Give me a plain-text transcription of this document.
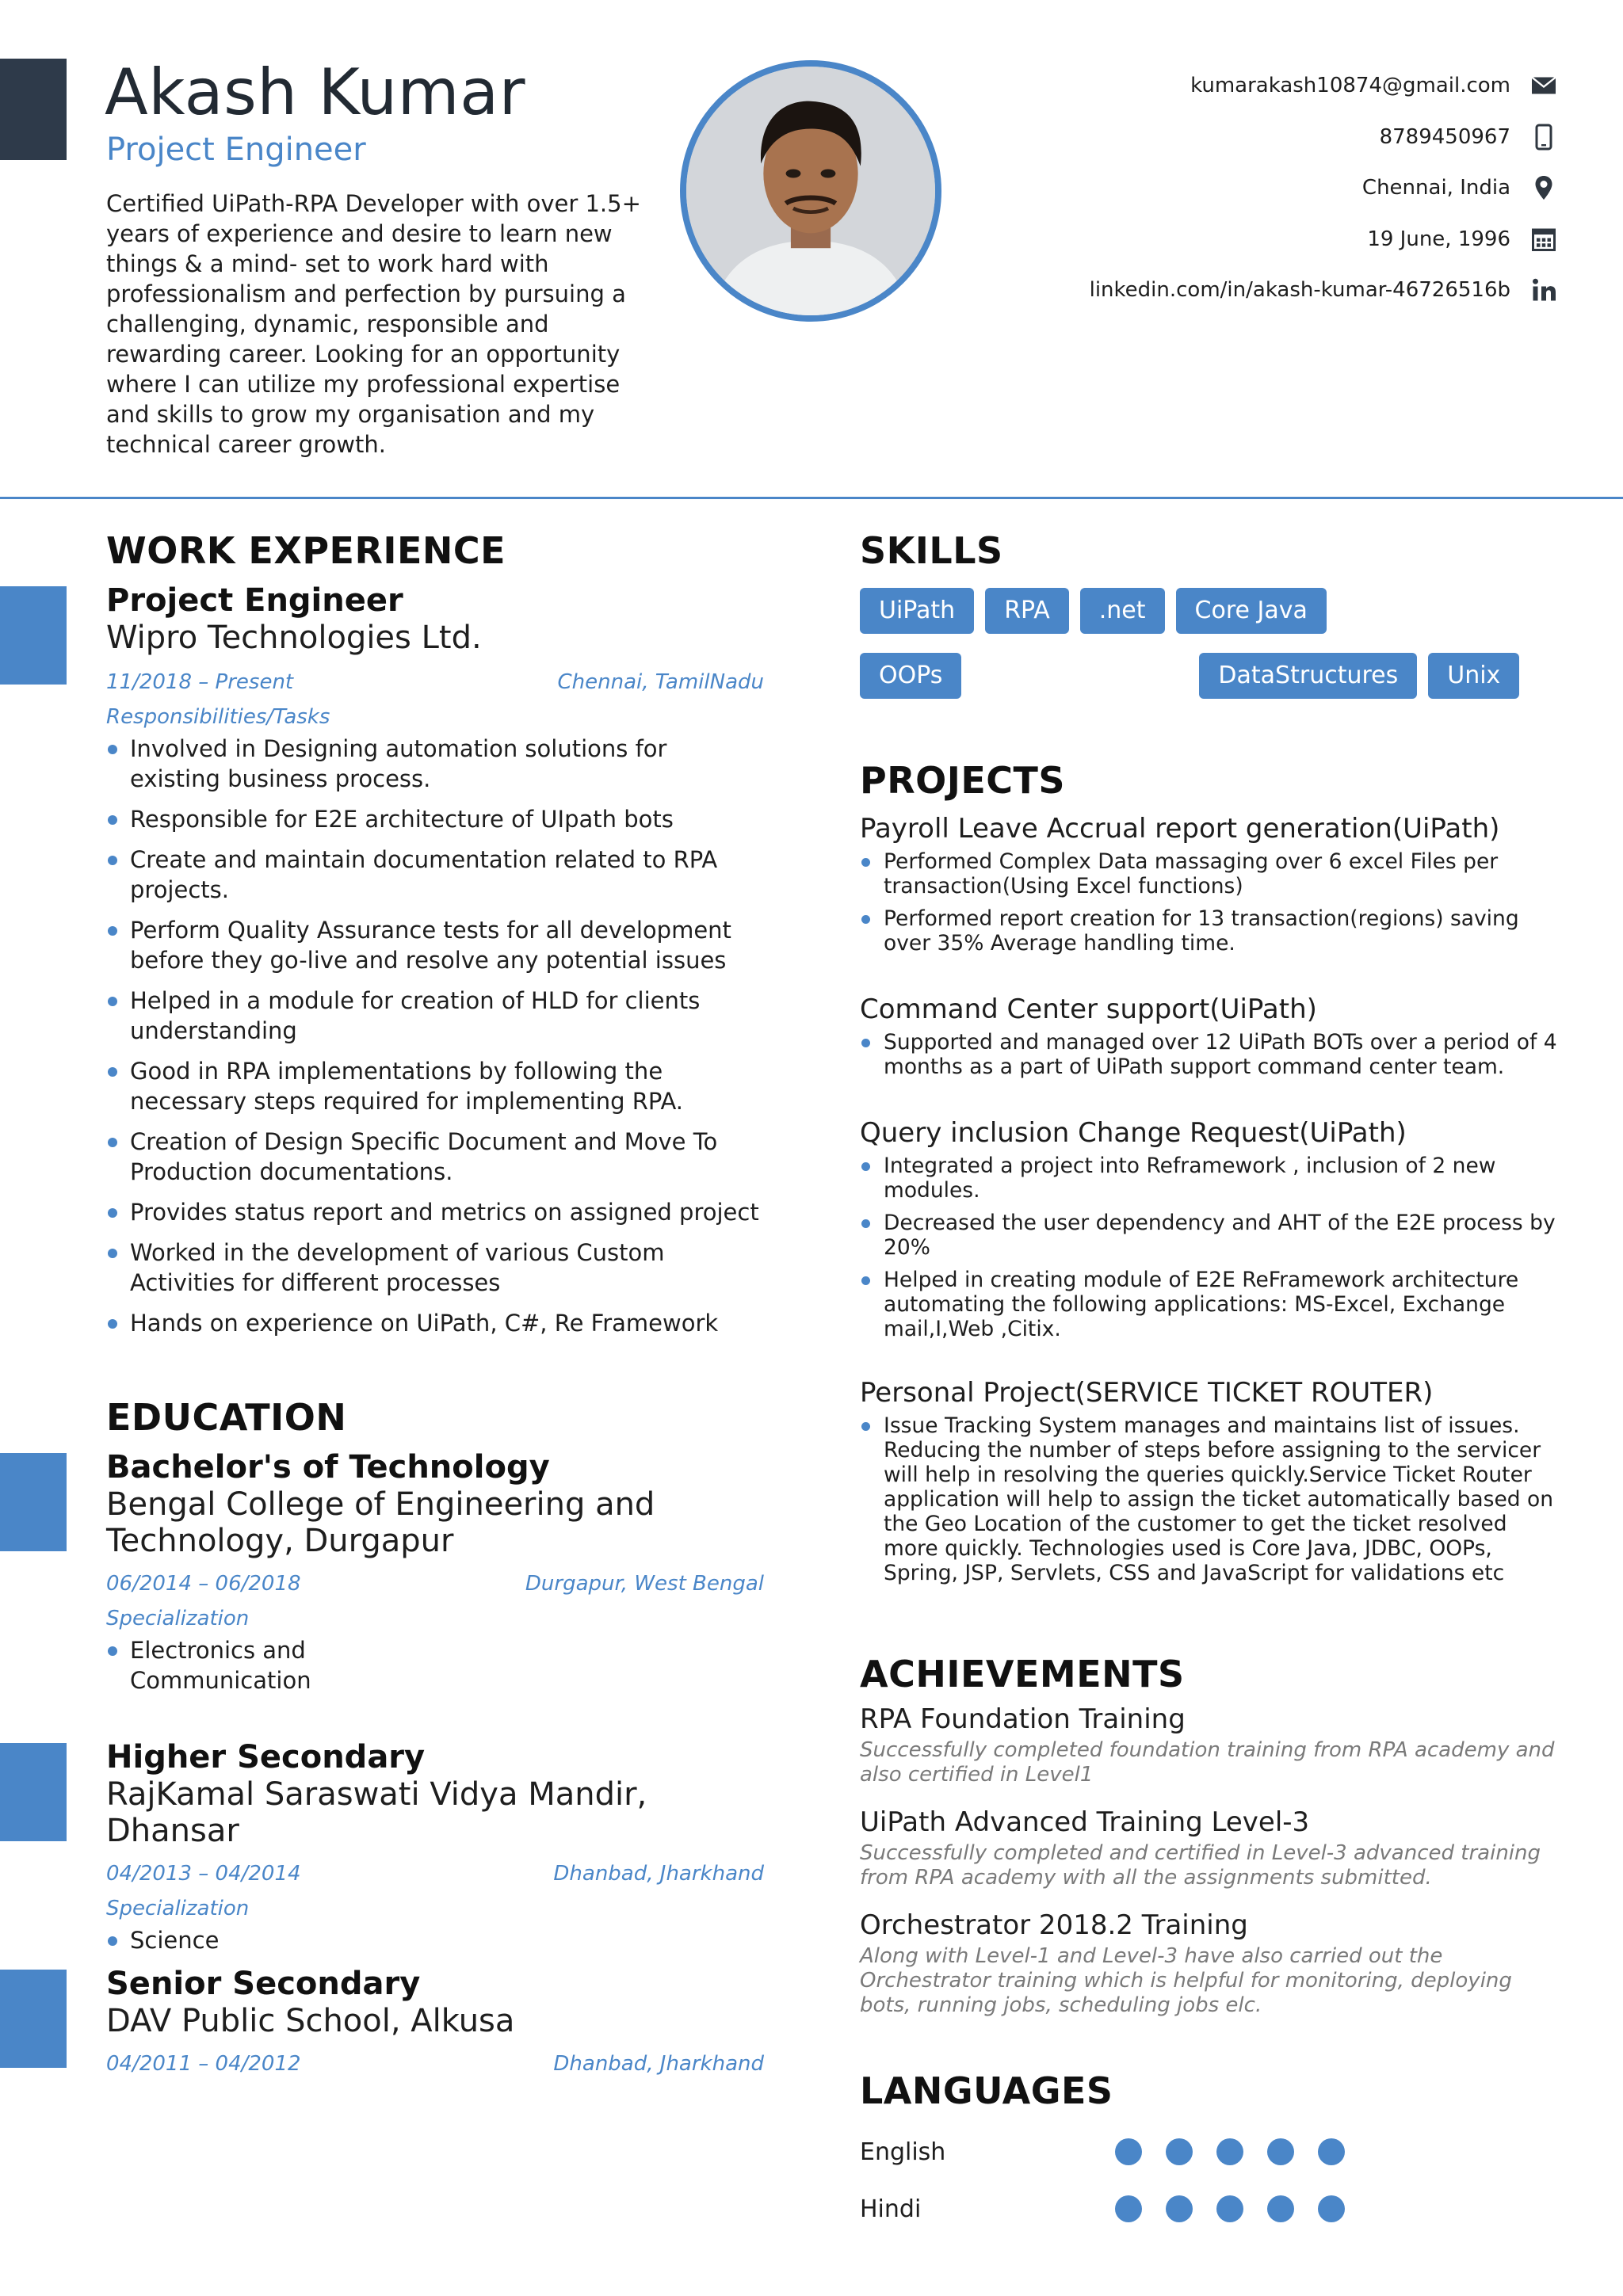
Akash Kumar
Project Engineer
Certified UiPath-RPA Developer with over 1.5+ years of experience and desire to learn new things & a mind- set to work hard with professionalism and perfection by pursuing a challenging, dynamic, responsible and rewarding career. Looking for an opportunity where I can utilize my professional expertise and skills to grow my organisation and my technical career growth.
kumarakash10874@gmail.com
8789450967
Chennai, India
19 June, 1996
linkedin.com/in/akash-kumar-46726516b
WORK EXPERIENCE
Project Engineer
Wipro Technologies Ltd.
11/2018 – Present	Chennai, TamilNadu
Responsibilities/Tasks
Involved in Designing automation solutions for existing business process.
Responsible for E2E architecture of UIpath bots
Create and maintain documentation related to RPA projects.
Perform Quality Assurance tests for all development before they go-live and resolve any potential issues
Helped in a module for creation of HLD for clients understanding
Good in RPA implementations by following the necessary steps required for implementing RPA.
Creation of Design Specific Document and Move To Production documentations.
Provides status report and metrics on assigned project
Worked in the development of various Custom Activities for different processes
Hands on experience on UiPath, C#, Re Framework
EDUCATION
Bachelor's of Technology
Bengal College of Engineering and Technology, Durgapur
06/2014 – 06/2018	Durgapur, West Bengal
Specialization
Electronics and Communication
Higher Secondary
RajKamal Saraswati Vidya Mandir, Dhansar
04/2013 – 04/2014	Dhanbad, Jharkhand
Specialization
Science
Senior Secondary
DAV Public School, Alkusa
04/2011 – 04/2012	Dhanbad, Jharkhand
SKILLS
UiPath	RPA	.net	Core Java
OOPs	DataStructures	Unix
PROJECTS
Payroll Leave Accrual report generation(UiPath)
Performed Complex Data massaging over 6 excel Files per transaction(Using Excel functions)
Performed report creation for 13 transaction(regions) saving over 35% Average handling time.
Command Center support(UiPath)
Supported and managed over 12 UiPath BOTs over a period of 4 months as a part of UiPath support command center team.
Query inclusion Change Request(UiPath)
Integrated a project into Reframework , inclusion of 2 new modules.
Decreased the user dependency and AHT of the E2E process by 20%
Helped in creating module of E2E ReFramework architecture automating the following applications: MS-Excel, Exchange mail,I,Web ,Citix.
Personal Project(SERVICE TICKET ROUTER)
Issue Tracking System manages and maintains list of issues. Reducing the number of steps before assigning to the servicer will help in resolving the queries quickly.Service Ticket Router application will help to assign the ticket automatically based on the Geo Location of the customer to get the ticket resolved more quickly. Technologies used is Core Java, JDBC, OOPs, Spring, JSP, Servlets, CSS and JavaScript for validations etc
ACHIEVEMENTS
RPA Foundation Training
Successfully completed foundation training from RPA academy and also certified in Level1
UiPath Advanced Training Level-3
Successfully completed and certified in Level-3 advanced training from RPA academy with all the assignments submitted.
Orchestrator 2018.2 Training
Along with Level-1 and Level-3 have also carried out the Orchestrator training which is helpful for monitoring, deploying bots, running jobs, scheduling jobs elc.
LANGUAGES
English
Hindi
